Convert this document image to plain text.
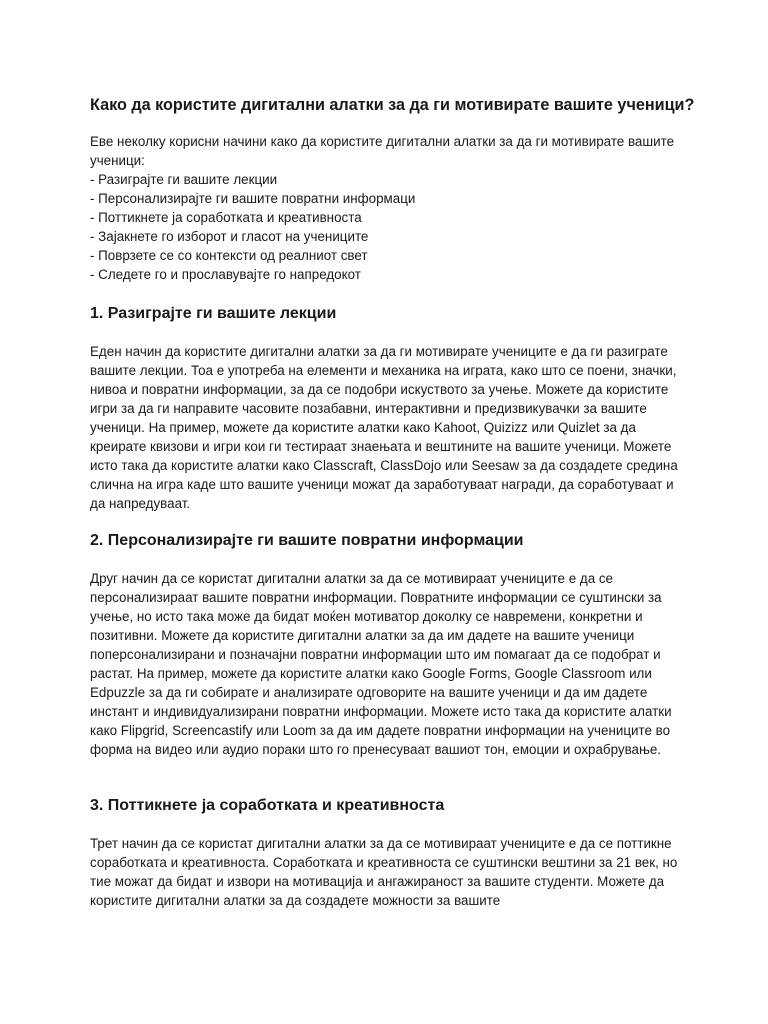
Како да користите дигитални алатки за да ги мотивирате вашите ученици?

Еве неколку корисни начини како да користите дигитални алатки за да ги мотивирате вашите ученици:

- Разиграјте ги вашите лекции
- Персонализирајте ги вашите повратни информаци
- Поттикнете ја соработката и креативноста
- Зајакнете го изборот и гласот на учениците
- Поврзете се со контексти од реалниот свет
- Следете го и прославувајте го напредокот
1. Разиграјте ги вашите лекции

Еден начин да користите дигитални алатки за да ги мотивирате учениците е да ги разиграте вашите лекции. Тоа е употреба на елементи и механика на играта, како што се поени, значки, нивоа и повратни информации, за да се подобри искуството за учење. Можете да користите игри за да ги направите часовите позабавни, интерактивни и предизвикувачки за вашите ученици. На пример, можете да користите алатки како Kahoot, Quizizz или Quizlet за да креирате квизови и игри кои ги тестираат знаењата и вештините на вашите ученици. Можете исто така да користите алатки како Classcraft, ClassDojo или Seesaw за да создадете средина слична на игра каде што вашите ученици можат да заработуваат награди, да соработуваат и да напредуваат.

2. Персонализирајте ги вашите повратни информации

Друг начин да се користат дигитални алатки за да се мотивираат учениците е да се персонализираат вашите повратни информации. Повратните информации се суштински за учење, но исто така може да бидат моќен мотиватор доколку се навремени, конкретни и позитивни. Можете да користите дигитални алатки за да им дадете на вашите ученици поперсонализирани и позначајни повратни информации што им помагаат да се подобрат и растат. На пример, можете да користите алатки како Google Forms, Google Classroom или Edpuzzle за да ги собирате и анализирате одговорите на вашите ученици и да им дадете инстант и индивидуализирани повратни информации. Можете исто така да користите алатки како Flipgrid, Screencastify или Loom за да им дадете повратни информации на учениците во форма на видео или аудио пораки што го пренесуваат вашиот тон, емоции и охрабрување.

3. Поттикнете ја соработката и креативноста

Трет начин да се користат дигитални алатки за да се мотивираат учениците е да се поттикне соработката и креативноста. Соработката и креативноста се суштински вештини за 21 век, но тие можат да бидат и извори на мотивација и ангажираност за вашите студенти. Можете да користите дигитални алатки за да создадете можности за вашите
